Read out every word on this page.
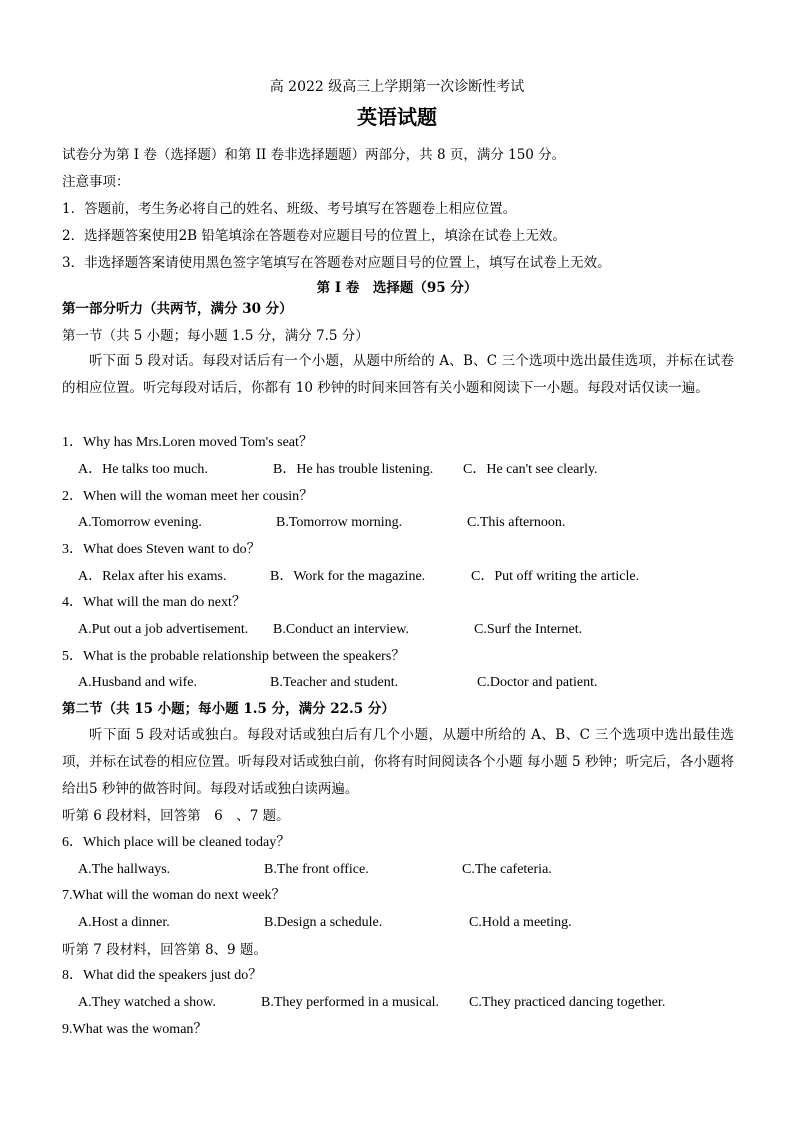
高 2022 级高三上学期第一次诊断性考试
英语试题
试卷分为第 I 卷（选择题）和第 II 卷非选择题题）两部分，共 8 页，满分 150 分。
注意事项：
1．答题前，考生务必将自己的姓名、班级、考号填写在答题卷上相应位置。
2．选择题答案使用2B 铅笔填涂在答题卷对应题目号的位置上，填涂在试卷上无效。
3．非选择题答案请使用黑色签字笔填写在答题卷对应题目号的位置上，填写在试卷上无效。
第 I 卷　选择题（95 分）
第一部分听力（共两节，满分 30 分）
第一节（共 5 小题；每小题 1.5 分，满分 7.5 分）
听下面 5 段对话。每段对话后有一个小题，从题中所给的 A、B、C 三个选项中选出最佳选项，并标在试卷的相应位置。听完每段对话后，你都有 10 秒钟的时间来回答有关小题和阅读下一小题。每段对话仅读一遍。
1．Why has Mrs.Loren moved Tom's seat？
A．He talks too much.	B．He has trouble listening. C．He can't see clearly.
2．When will the woman meet her cousin？
A.Tomorrow evening.	B.Tomorrow morning.	C.This afternoon.
3．What does Steven want to do？
A．Relax after his exams.	B．Work for the magazine.	C．Put off writing the article.
4．What will the man do next？
A.Put out a job advertisement. B.Conduct an interview.	C.Surf the Internet.
5．What is the probable relationship between the speakers？
A.Husband and wife.	B.Teacher and student.	C.Doctor and patient.
第二节（共 15 小题；每小题 1.5 分，满分 22.5 分）
听下面 5 段对话或独白。每段对话或独白后有几个小题，从题中所给的 A、B、C 三个选项中选出最佳选项，并标在试卷的相应位置。听每段对话或独白前，你将有时间阅读各个小题 每小题 5 秒钟；听完后，各小题将给出5 秒钟的做答时间。每段对话或独白读两遍。
听第 6 段材料，回答第　6　、7 题。
6．Which place will be cleaned today？
A.The hallways.	B.The front office.	C.The cafeteria.
7.What will the woman do next week？
A.Host a dinner.	B.Design a schedule.	C.Hold a meeting.
听第 7 段材料，回答第 8、9 题。
8．What did the speakers just do？
A.They watched a show.	B.They performed in a musical. C.They practiced dancing together.
9.What was the woman？
